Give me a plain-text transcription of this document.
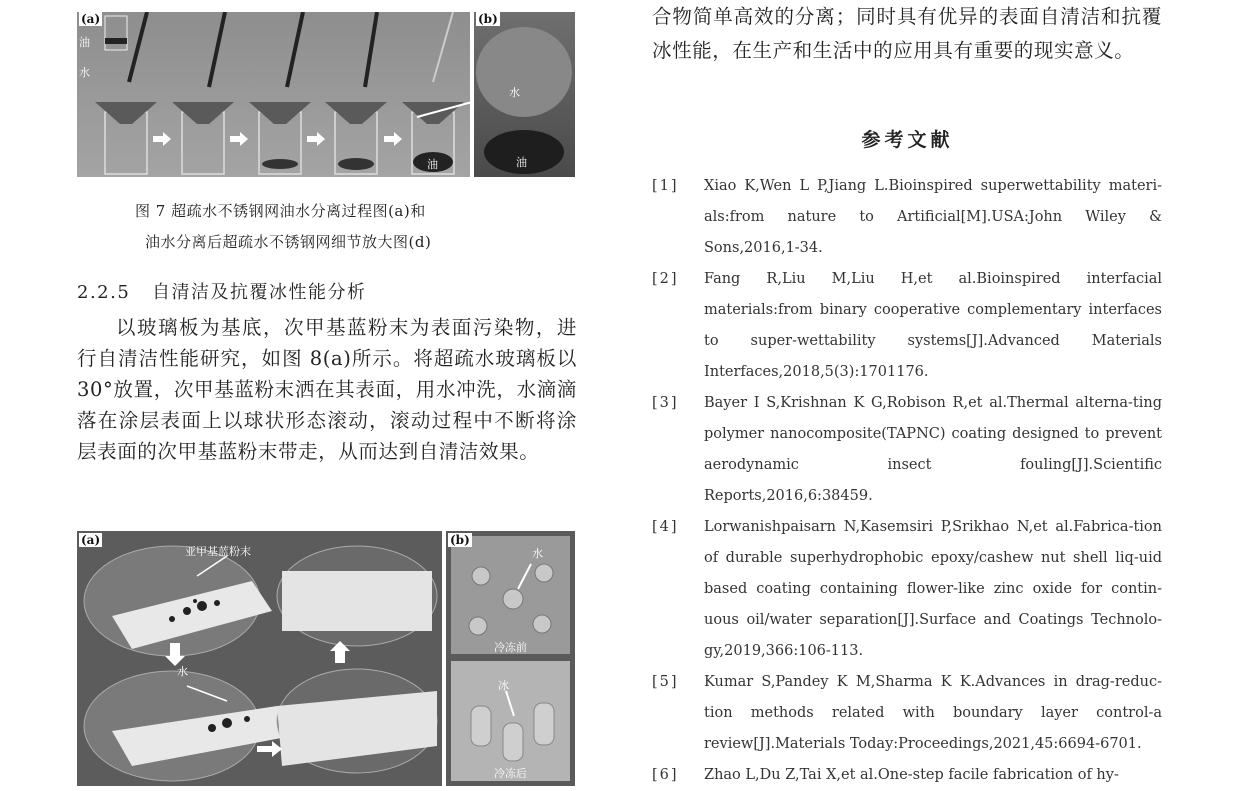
(a)
油
水
油
(b)
水
油
图 7 超疏水不锈钢网油水分离过程图(a)和
油水分离后超疏水不锈钢网细节放大图(d)
2.2.5   自清洁及抗覆冰性能分析

以玻璃板为基底，次甲基蓝粉末为表面污染物，进行自清洁性能研究，如图 8(a)所示。将超疏水玻璃板以 30°放置，次甲基蓝粉末洒在其表面，用水冲洗，水滴滴落在涂层表面上以球状形态滚动，滚动过程中不断将涂层表面的次甲基蓝粉末带走，从而达到自清洁效果。

(a)
亚甲基蓝粉末
水
(b)
水
冷冻前
冰
冷冻后

合物简单高效的分离；同时具有优异的表面自清洁和抗覆冰性能，在生产和生活中的应用具有重要的现实意义。

参考文献
[1]	Xiao K,Wen L P,Jiang L.Bioinspired superwettability materi-als:from nature to Artificial[M].USA:John Wiley & Sons,2016,1-34.
[2]	Fang R,Liu M,Liu H,et al.Bioinspired interfacial materials:from binary cooperative complementary interfaces to super-wettability systems[J].Advanced Materials Interfaces,2018,5(3):1701176.
[3]	Bayer I S,Krishnan K G,Robison R,et al.Thermal alterna-ting polymer nanocomposite(TAPNC) coating designed to prevent aerodynamic insect fouling[J].Scientific Reports,2016,6:38459.
[4]	Lorwanishpaisarn N,Kasemsiri P,Srikhao N,et al.Fabrica-tion of durable superhydrophobic epoxy/cashew nut shell liq-uid based coating containing flower-like zinc oxide for contin-uous oil/water separation[J].Surface and Coatings Technolo-gy,2019,366:106-113.
[5]	Kumar S,Pandey K M,Sharma K K.Advances in drag-reduc-tion methods related with boundary layer control-a review[J].Materials Today:Proceedings,2021,45:6694-6701.
[6]	Zhao L,Du Z,Tai X,et al.One-step facile fabrication of hy-
